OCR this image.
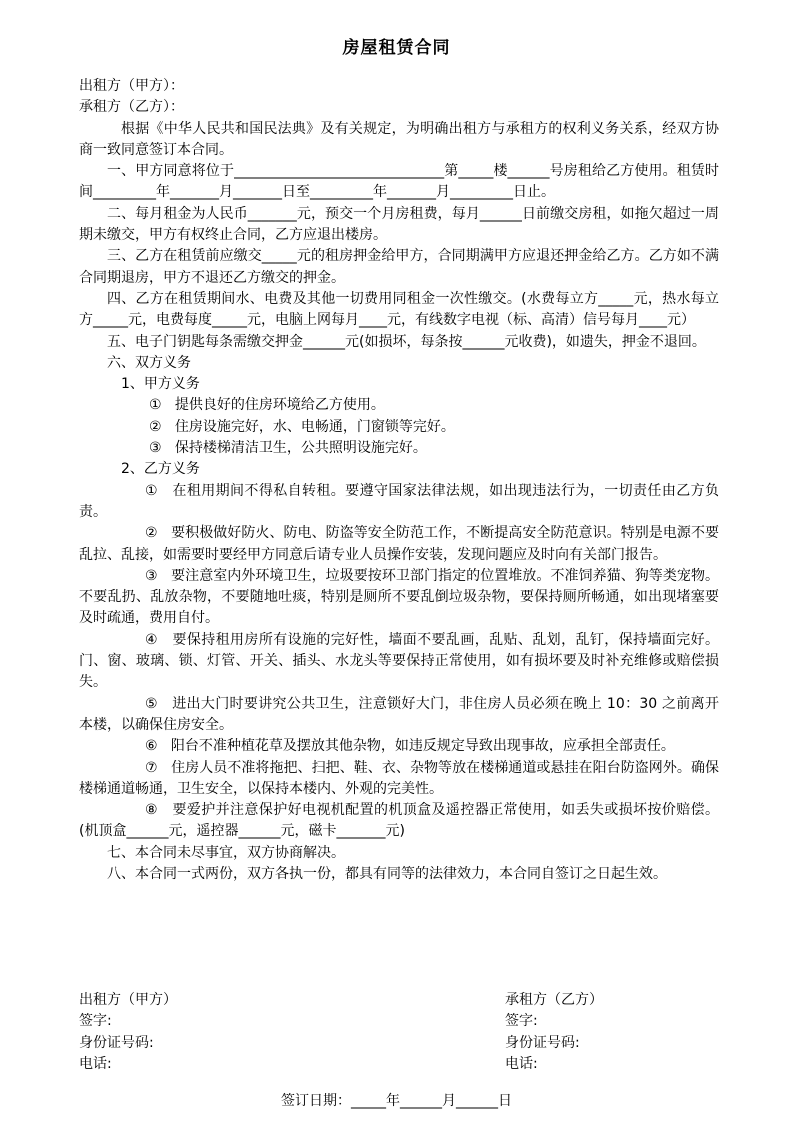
房屋租赁合同

出租方（甲方）：

承租方（乙方）：

根据《中华人民共和国民法典》及有关规定，为明确出租方与承租方的权利义务关系，经双方协商一致同意签订本合同。

一、甲方同意将位于______________________________第_____楼______号房租给乙方使用。租赁时间_________年_______月_______日至_________年_______月_________日止。

二、每月租金为人民币_______元，预交一个月房租费，每月______日前缴交房租，如拖欠超过一周期未缴交，甲方有权终止合同，乙方应退出楼房。

三、乙方在租赁前应缴交_____元的租房押金给甲方，合同期满甲方应退还押金给乙方。乙方如不满合同期退房，甲方不退还乙方缴交的押金。

四、乙方在租赁期间水、电费及其他一切费用同租金一次性缴交。(水费每立方_____元，热水每立方_____元，电费每度_____元，电脑上网每月____元，有线数字电视（标、高清）信号每月____元）

五、电子门钥匙每条需缴交押金______元(如损坏，每条按______元收费)，如遗失，押金不退回。

六、双方义务

1、甲方义务

①   提供良好的住房环境给乙方使用。

②   住房设施完好，水、电畅通，门窗锁等完好。

③   保持楼梯清洁卫生，公共照明设施完好。

2、乙方义务

①   在租用期间不得私自转租。要遵守国家法律法规，如出现违法行为，一切责任由乙方负责。

②   要积极做好防火、防电、防盗等安全防范工作，不断提高安全防范意识。特别是电源不要乱拉、乱接，如需要时要经甲方同意后请专业人员操作安装，发现问题应及时向有关部门报告。

③   要注意室内外环境卫生，垃圾要按环卫部门指定的位置堆放。不准饲养猫、狗等类宠物。不要乱扔、乱放杂物，不要随地吐痰，特别是厕所不要乱倒垃圾杂物，要保持厕所畅通，如出现堵塞要及时疏通，费用自付。

④   要保持租用房所有设施的完好性，墙面不要乱画，乱贴、乱划，乱钉，保持墙面完好。门、窗、玻璃、锁、灯管、开关、插头、水龙头等要保持正常使用，如有损坏要及时补充维修或赔偿损失。

⑤   进出大门时要讲究公共卫生，注意锁好大门，非住房人员必须在晚上 10：30 之前离开本楼，以确保住房安全。

⑥   阳台不准种植花草及摆放其他杂物，如违反规定导致出现事故，应承担全部责任。

⑦   住房人员不准将拖把、扫把、鞋、衣、杂物等放在楼梯通道或悬挂在阳台防盗网外。确保楼梯通道畅通，卫生安全，以保持本楼内、外观的完美性。

⑧   要爱护并注意保护好电视机配置的机顶盒及遥控器正常使用，如丢失或损坏按价赔偿。(机顶盒______元，遥控器______元，磁卡_______元)

七、本合同未尽事宜，双方协商解决。

八、本合同一式两份，双方各执一份，都具有同等的法律效力，本合同自签订之日起生效。

出租方（甲方）

签字:

身份证号码:

电话:

承租方（乙方）

签字:

身份证号码:

电话:

签订日期：_____年______月______日
